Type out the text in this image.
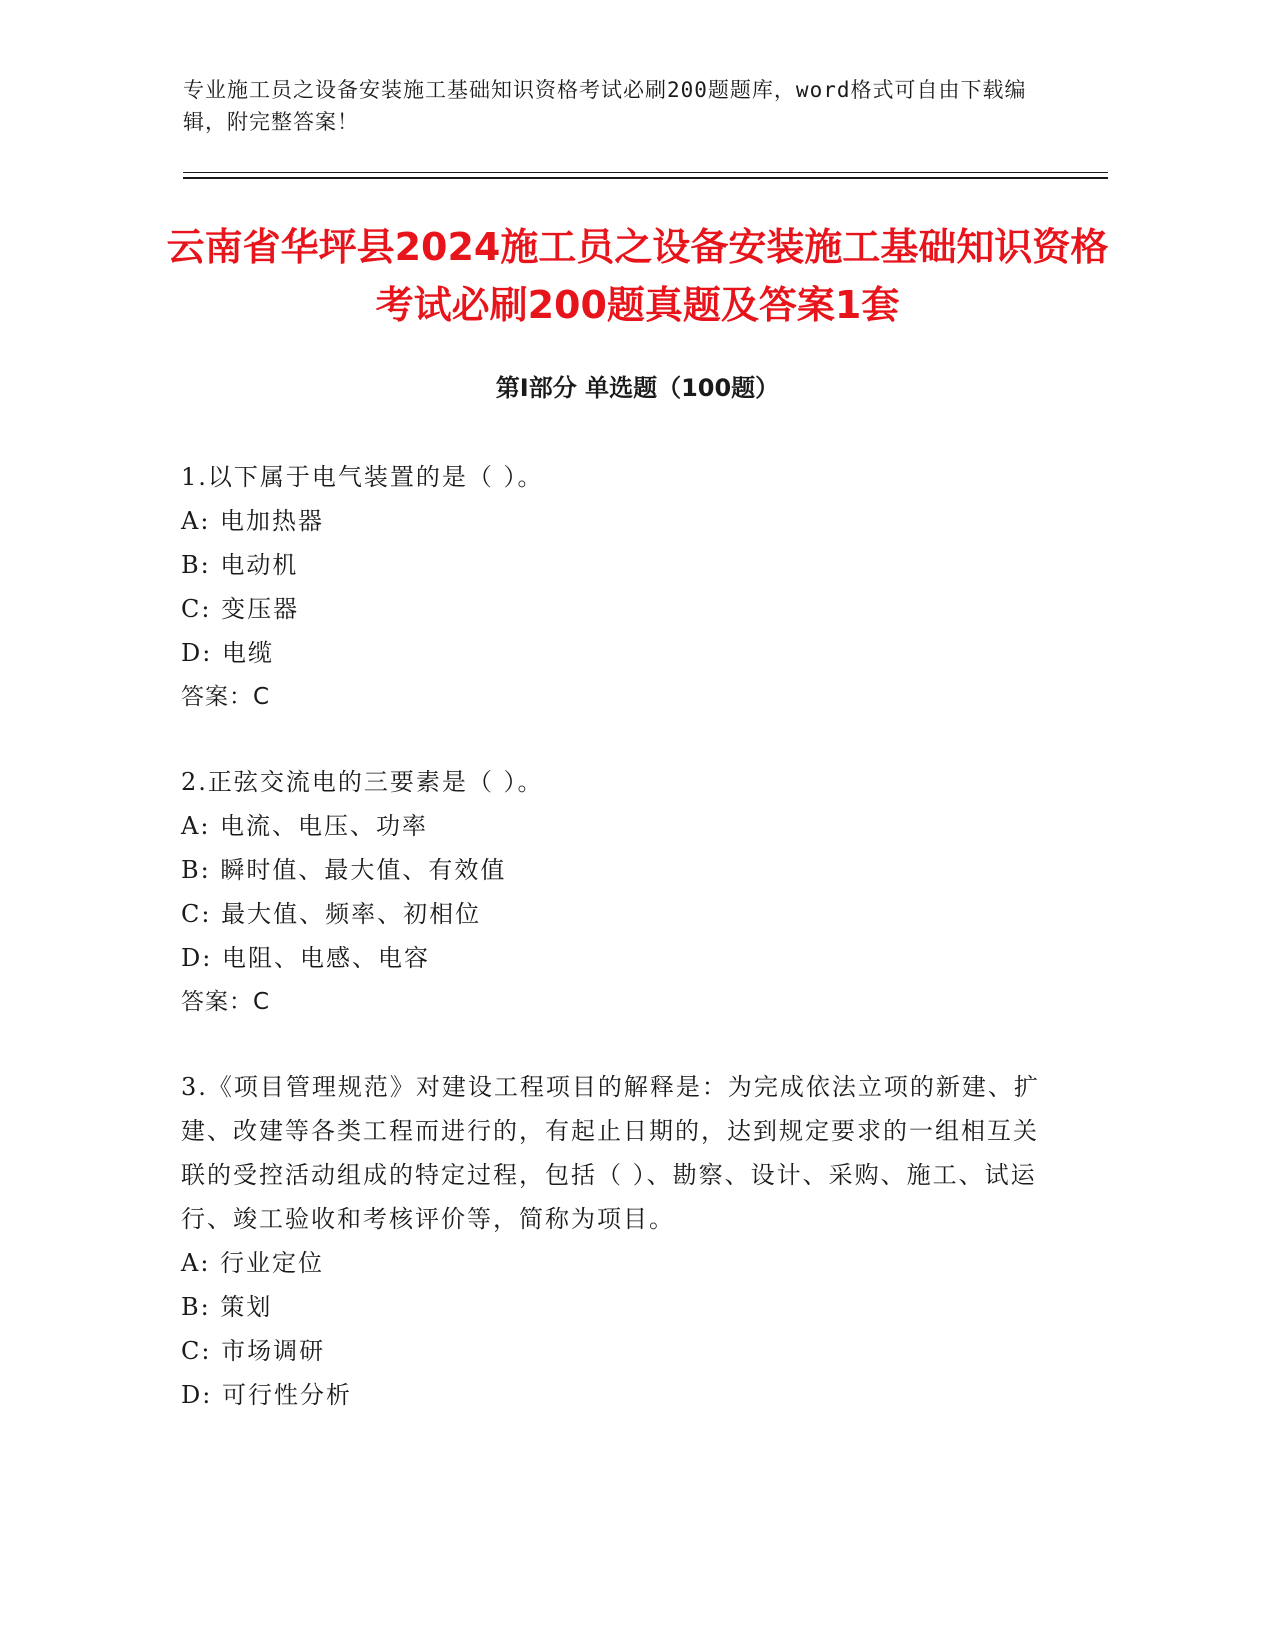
专业施工员之设备安装施工基础知识资格考试必刷200题题库，word格式可自由下载编辑，附完整答案！
云南省华坪县2024施工员之设备安装施工基础知识资格考试必刷200题真题及答案1套
第Ⅰ部分 单选题（100题）
1.以下属于电气装置的是（ ）。
A: 电加热器
B: 电动机
C: 变压器
D: 电缆
答案：C
2.正弦交流电的三要素是（ ）。
A: 电流、电压、功率
B: 瞬时值、最大值、有效值
C: 最大值、频率、初相位
D: 电阻、电感、电容
答案：C
3.《项目管理规范》对建设工程项目的解释是：为完成依法立项的新建、扩建、改建等各类工程而进行的，有起止日期的，达到规定要求的一组相互关联的受控活动组成的特定过程，包括（ ）、勘察、设计、采购、施工、试运行、竣工验收和考核评价等，简称为项目。
A: 行业定位
B: 策划
C: 市场调研
D: 可行性分析
